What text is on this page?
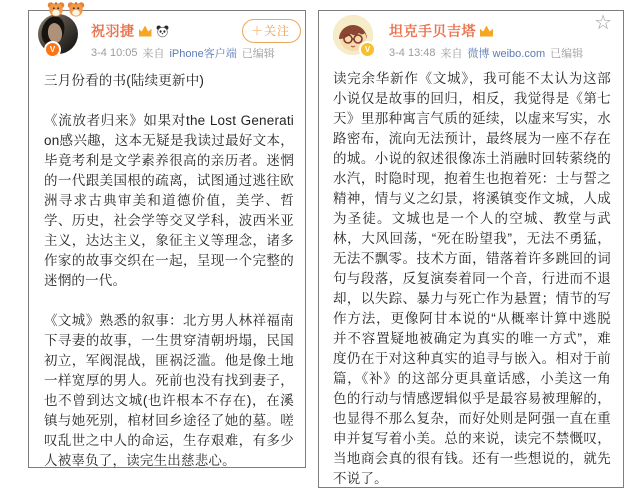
V
祝羽捷
3-4 10:05 来自 iPhone客户端 已编辑
＋关注

三月份看的书(陆续更新中)

《流放者归来》如果对the Lost Generation感兴趣，这本无疑是我读过最好文本，毕竟考利是文学素养很高的亲历者。迷惘的一代跟美国根的疏离，试图通过逃往欧洲寻求古典审美和道德价值，美学、哲学、历史，社会学等交叉学科，波西米亚主义，达达主义，象征主义等理念，诸多作家的故事交织在一起，呈现一个完整的迷惘的一代。

《文城》熟悉的叙事：北方男人林祥福南下寻妻的故事，一生贯穿清朝坍塌，民国初立，军阀混战，匪祸泛滥。他是像土地一样宽厚的男人。死前也没有找到妻子，也不曾到达文城(也许根本不存在)，在溪镇与她死别，棺材回乡途径了她的墓。嗟叹乱世之中人的命运，生存艰难，有多少人被辜负了，读完生出慈悲心。

V
坦克手贝吉塔
3-4 13:48 来自 微博 weibo.com 已编辑
☆

读完余华新作《文城》，我可能不太认为这部小说仅是故事的回归，相反，我觉得是《第七天》里那种寓言气质的延续，以虚来写实，水路密布，流向无法预计，最终展为一座不存在的城。小说的叙述很像冻土消融时回转萦绕的水汽，时隐时现，抱着生也抱着死：士与誓之精神，情与义之幻景，将溪镇变作文城，人成为圣徒。文城也是一个人的空城、教堂与武林，大风回荡，“死在盼望我”，无法不勇猛，无法不飘零。技术方面，错落着许多跳回的词句与段落，反复演奏着同一个音，行进而不退却，以失踪、暴力与死亡作为悬置；情节的写作方法，更像阿甘本说的“从概率计算中逃脱并不容置疑地被确定为真实的唯一方式”，难度仍在于对这种真实的追寻与嵌入。相对于前篇，《补》的这部分更具童话感，小美这一角色的行动与情感逻辑似乎是最容易被理解的，也显得不那么复杂，而好处则是阿强一直在重申并复写着小美。总的来说，读完不禁慨叹，当地商会真的很有钱。还有一些想说的，就先不说了。
